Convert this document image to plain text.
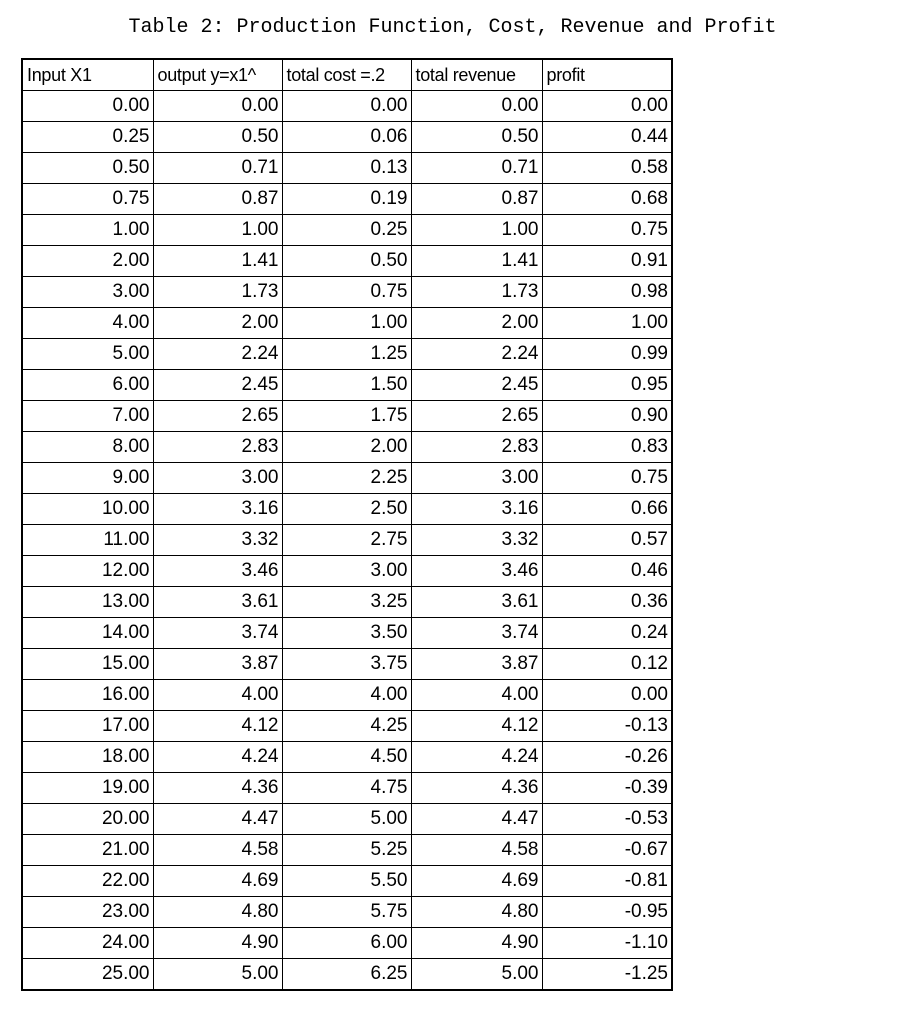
Table 2: Production Function, Cost, Revenue and Profit
Input X1	output y=x1^	total cost =.2	total revenue	profit
0.00	0.00	0.00	0.00	0.00
0.25	0.50	0.06	0.50	0.44
0.50	0.71	0.13	0.71	0.58
0.75	0.87	0.19	0.87	0.68
1.00	1.00	0.25	1.00	0.75
2.00	1.41	0.50	1.41	0.91
3.00	1.73	0.75	1.73	0.98
4.00	2.00	1.00	2.00	1.00
5.00	2.24	1.25	2.24	0.99
6.00	2.45	1.50	2.45	0.95
7.00	2.65	1.75	2.65	0.90
8.00	2.83	2.00	2.83	0.83
9.00	3.00	2.25	3.00	0.75
10.00	3.16	2.50	3.16	0.66
11.00	3.32	2.75	3.32	0.57
12.00	3.46	3.00	3.46	0.46
13.00	3.61	3.25	3.61	0.36
14.00	3.74	3.50	3.74	0.24
15.00	3.87	3.75	3.87	0.12
16.00	4.00	4.00	4.00	0.00
17.00	4.12	4.25	4.12	-0.13
18.00	4.24	4.50	4.24	-0.26
19.00	4.36	4.75	4.36	-0.39
20.00	4.47	5.00	4.47	-0.53
21.00	4.58	5.25	4.58	-0.67
22.00	4.69	5.50	4.69	-0.81
23.00	4.80	5.75	4.80	-0.95
24.00	4.90	6.00	4.90	-1.10
25.00	5.00	6.25	5.00	-1.25
